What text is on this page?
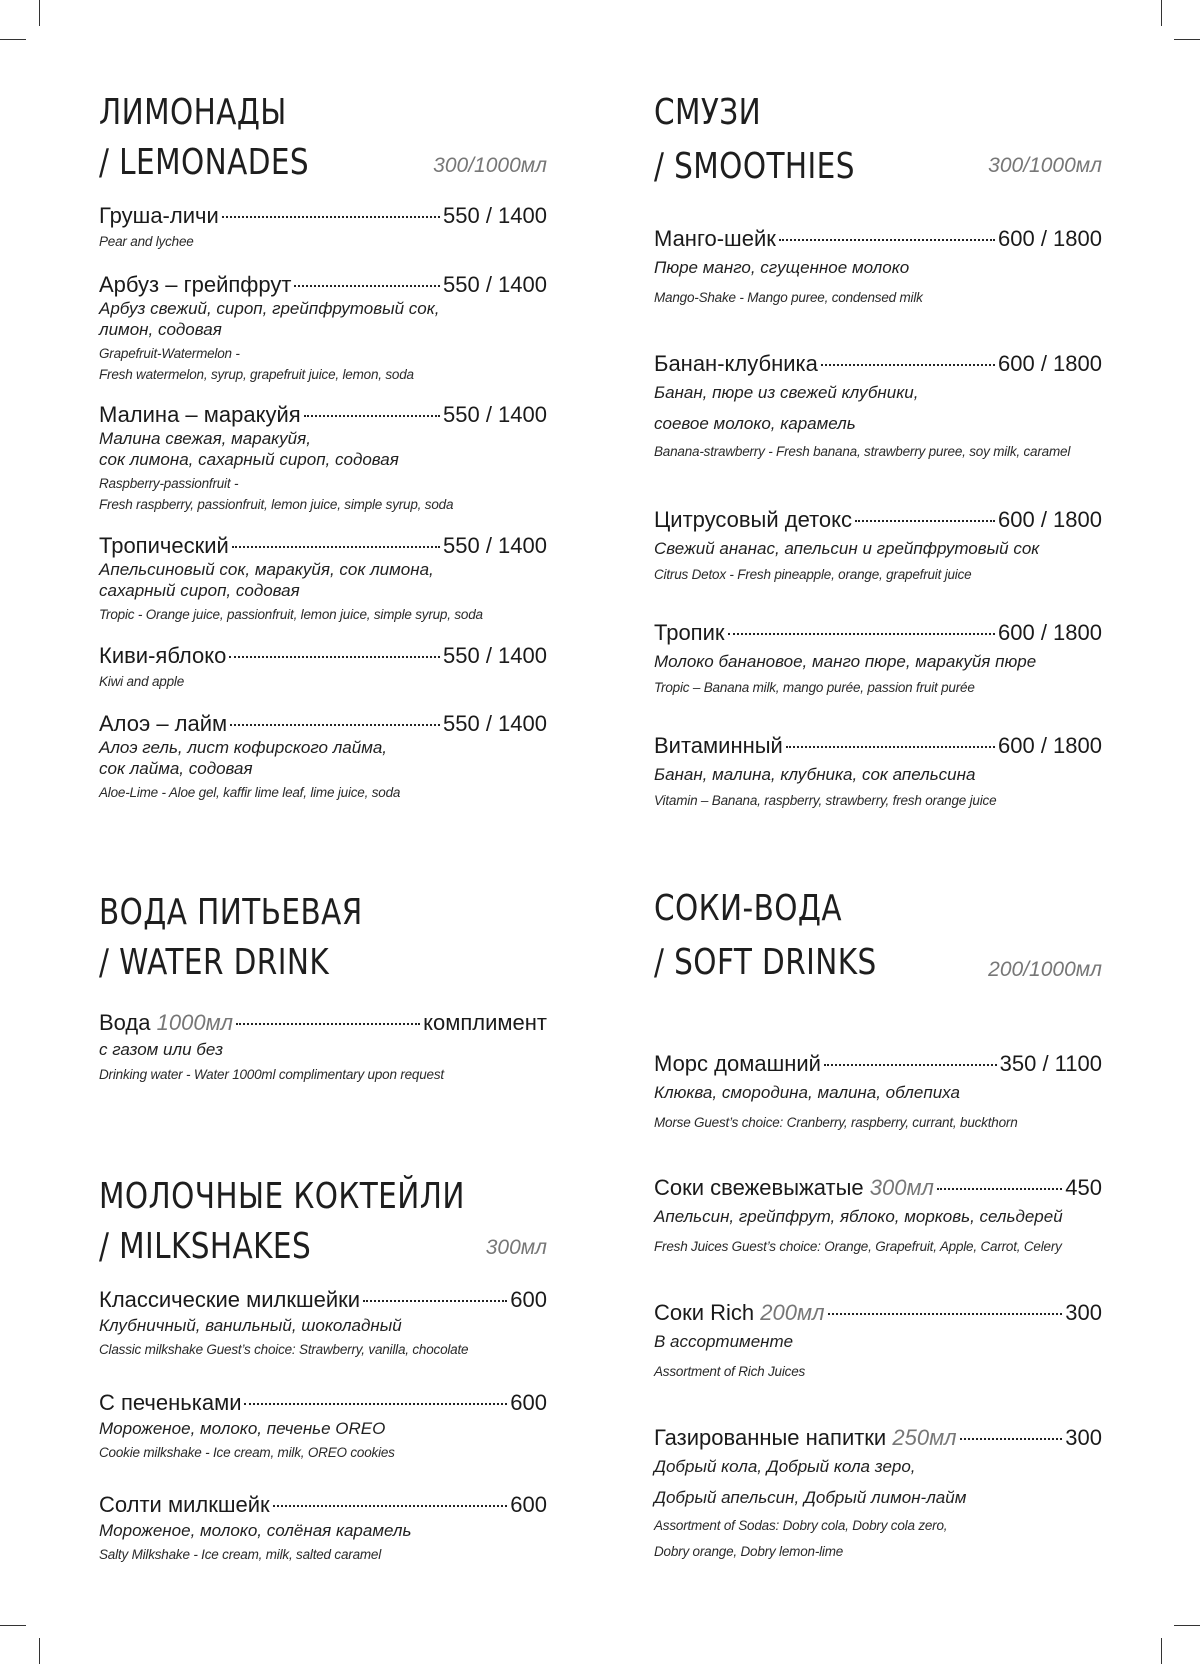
ЛИМОНАДЫ
/ LEMONADES	300/1000мл
Груша-личи	550 / 1400
Pear and lychee
Арбуз – грейпфрут	550 / 1400
Арбуз свежий, сироп, грейпфрутовый сок,
лимон, содовая
Grapefruit-Watermelon -
Fresh watermelon, syrup, grapefruit juice, lemon, soda
Малина – маракуйя	550 / 1400
Малина свежая, маракуйя,
сок лимона, сахарный сироп, содовая
Raspberry-passionfruit -
Fresh raspberry, passionfruit, lemon juice, simple syrup, soda
Тропический	550 / 1400
Апельсиновый сок, маракуйя, сок лимона,
сахарный сироп, содовая
Tropic - Orange juice, passionfruit, lemon juice, simple syrup, soda
Киви-яблоко	550 / 1400
Kiwi and apple
Алоэ – лайм	550 / 1400
Алоэ гель, лист кофирского лайма,
сок лайма, содовая
Aloe-Lime - Aloe gel, kaffir lime leaf, lime juice, soda
ВОДА ПИТЬЕВАЯ
/ WATER DRINK
Вода 1000мл	комплимент
с газом или без
Drinking water - Water 1000ml complimentary upon request
МОЛОЧНЫЕ КОКТЕЙЛИ
/ MILKSHAKES	300мл
Классические милкшейки	600
Клубничный, ванильный, шоколадный
Classic milkshake Guest’s choice: Strawberry, vanilla, chocolate
С печеньками	600
Мороженое, молоко, печенье OREO
Cookie milkshake - Ice cream, milk, OREO cookies
Солти милкшейк	600
Мороженое, молоко, солёная карамель
Salty Milkshake - Ice cream, milk, salted caramel
СМУЗИ
/ SMOOTHIES	300/1000мл
Манго-шейк	600 / 1800
Пюре манго, сгущенное молоко
Mango-Shake - Mango puree, condensed milk
Банан-клубника	600 / 1800
Банан, пюре из свежей клубники,
соевое молоко, карамель
Banana-strawberry - Fresh banana, strawberry puree, soy milk, caramel
Цитрусовый детокс	600 / 1800
Свежий ананас, апельсин и грейпфрутовый сок
Citrus Detox - Fresh pineapple, orange, grapefruit juice
Тропик	600 / 1800
Молоко банановое, манго пюре, маракуйя пюре
Tropic – Banana milk, mango purée, passion fruit purée
Витаминный	600 / 1800
Банан, малина, клубника, сок апельсина
Vitamin – Banana, raspberry, strawberry, fresh orange juice
СОКИ-ВОДА
/ SOFT DRINKS	200/1000мл
Морс домашний	350 / 1100
Клюква, смородина, малина, облепиха
Morse Guest’s choice: Cranberry, raspberry, currant, buckthorn
Соки свежевыжатые 300мл	450
Апельсин, грейпфрут, яблоко, морковь, сельдерей
Fresh Juices Guest’s choice: Orange, Grapefruit, Apple, Carrot, Celery
Соки Rich 200мл	300
В ассортименте
Assortment of Rich Juices
Газированные напитки 250мл	300
Добрый кола, Добрый кола зеро,
Добрый апельсин, Добрый лимон-лайм
Assortment of Sodas: Dobry cola, Dobry cola zero,
Dobry orange, Dobry lemon-lime
